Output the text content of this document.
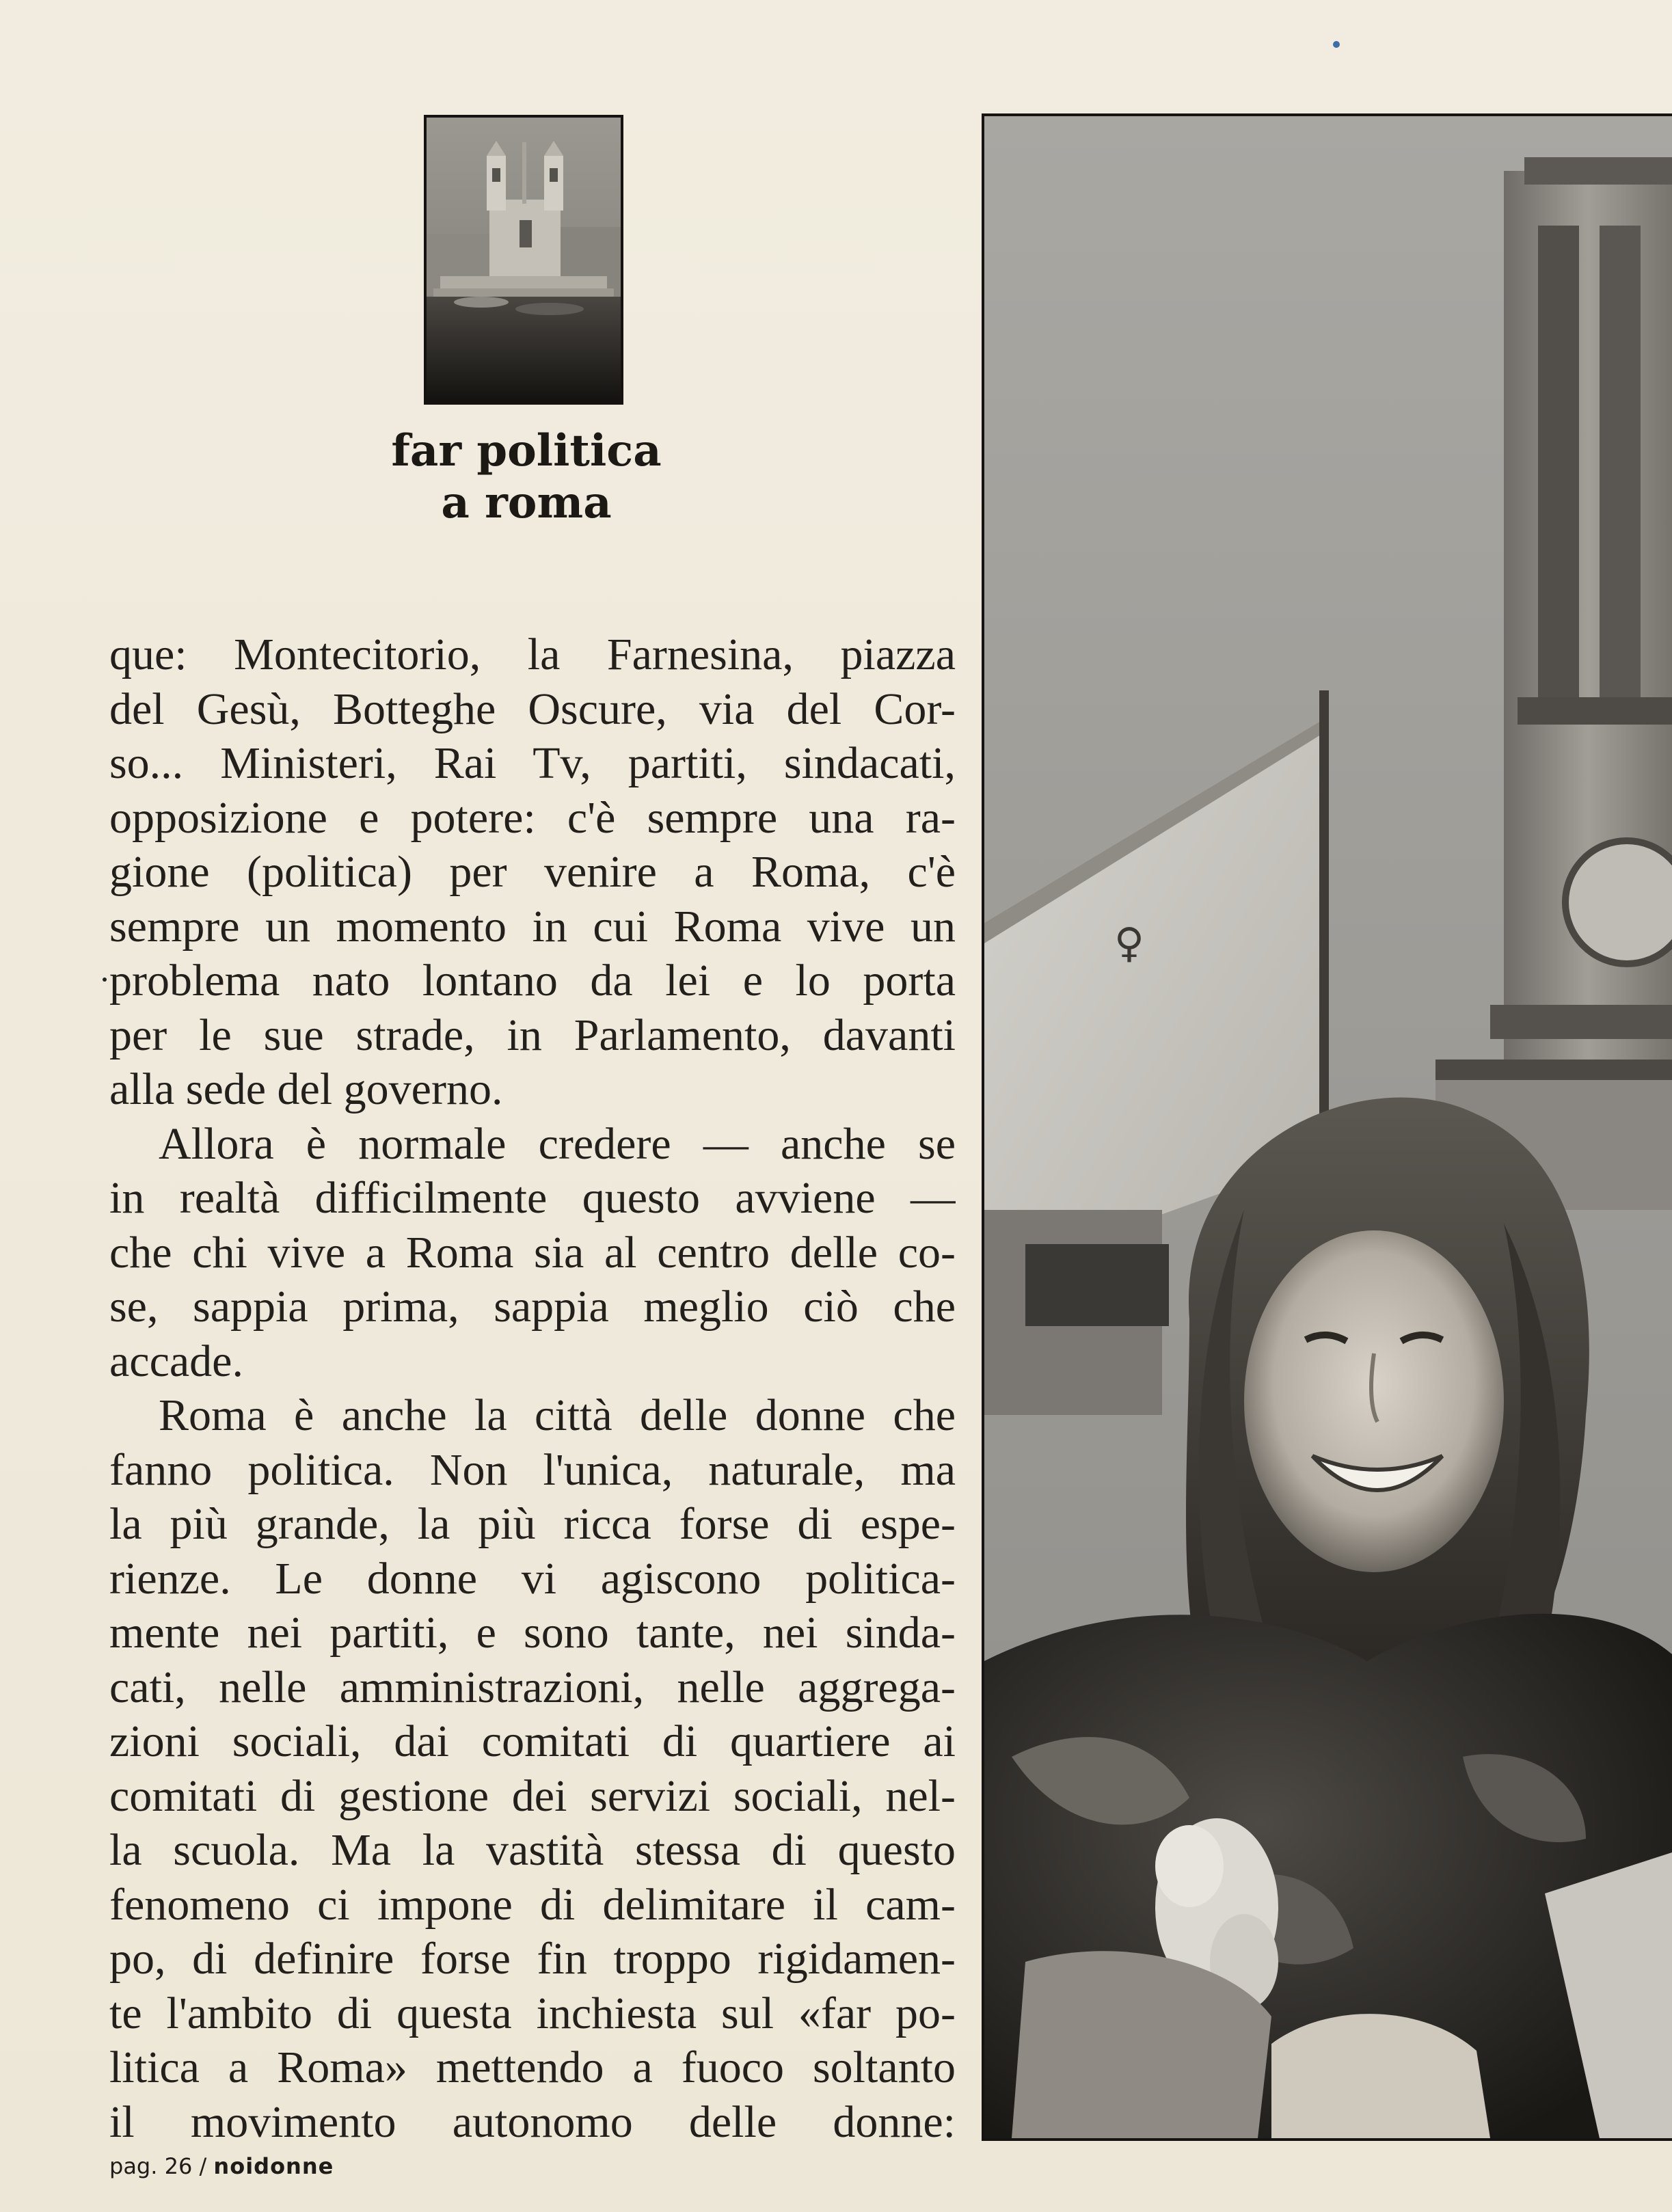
far politica
a roma
que: Montecitorio, la Farnesina, piazza
del Gesù, Botteghe Oscure, via del Cor-
so... Ministeri, Rai Tv, partiti, sindacati,
opposizione e potere: c'è sempre una ra-
gione (politica) per venire a Roma, c'è
sempre un momento in cui Roma vive un
problema nato lontano da lei e lo porta
per le sue strade, in Parlamento, davanti
alla sede del governo.
Allora è normale credere — anche se
in realtà difficilmente questo avviene —
che chi vive a Roma sia al centro delle co-
se, sappia prima, sappia meglio ciò che
accade.
Roma è anche la città delle donne che
fanno politica. Non l'unica, naturale, ma
la più grande, la più ricca forse di espe-
rienze. Le donne vi agiscono politica-
mente nei partiti, e sono tante, nei sinda-
cati, nelle amministrazioni, nelle aggrega-
zioni sociali, dai comitati di quartiere ai
comitati di gestione dei servizi sociali, nel-
la scuola. Ma la vastità stessa di questo
fenomeno ci impone di delimitare il cam-
po, di definire forse fin troppo rigidamen-
te l'ambito di questa inchiesta sul «far po-
litica a Roma» mettendo a fuoco soltanto
il movimento autonomo delle donne:
pag. 26 / noidonne
♀
